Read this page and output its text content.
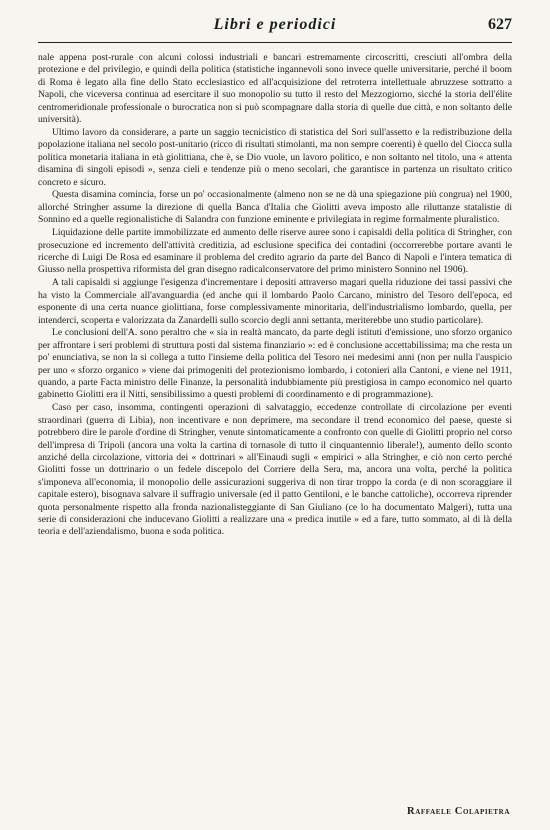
Libri e periodici	627

nale appena post-rurale con alcuni colossi industriali e bancari estremamente circoscritti, cresciuti all'ombra della protezione e del privilegio, e quindi della politica (statistiche ingannevoli sono invece quelle universitarie, perché il boom di Roma è legato alla fine dello Stato ecclesiastico ed all'acquisizione del retroterra intellettuale abruzzese sottratto a Napoli, che viceversa continua ad esercitare il suo monopolio su tutto il resto del Mezzogiorno, sicché la storia dell'élite centromeridionale professionale o burocratica non si può scompagnare dalla storia di quelle due città, e non soltanto delle università).

Ultimo lavoro da considerare, a parte un saggio tecnicistico di statistica del Sori sull'assetto e la redistribuzione della popolazione italiana nel secolo post-unitario (ricco di risultati stimolanti, ma non sempre coerenti) è quello del Ciocca sulla politica monetaria italiana in età giolittiana, che è, se Dio vuole, un lavoro politico, e non soltanto nel titolo, una « attenta disamina di singoli episodi », senza cieli e tendenze più o meno secolari, che garantisce in partenza un risultato critico concreto e sicuro.

Questa disamina comincia, forse un po' occasionalmente (almeno non se ne dà una spiegazione più congrua) nel 1900, allorché Stringher assume la direzione di quella Banca d'Italia che Giolitti aveva imposto alle riluttanze statalistie di Sonnino ed a quelle regionalistiche di Salandra con funzione eminente e privilegiata in regime formalmente pluralistico.

Liquidazione delle partite immobilizzate ed aumento delle riserve auree sono i capisaldi della politica di Stringher, con prosecuzione ed incremento dell'attività creditizia, ad esclusione specifica dei contadini (occorrerebbe portare avanti le ricerche di Luigi De Rosa ed esaminare il problema del credito agrario da parte del Banco di Napoli e l'intera tematica di Giusso nella prospettiva riformista del gran disegno radicalconservatore del primo ministero Sonnino nel 1906).

A tali capisaldi si aggiunge l'esigenza d'incrementare i depositi attraverso magari quella riduzione dei tassi passivi che ha visto la Commerciale all'avanguardia (ed anche qui il lombardo Paolo Carcano, ministro del Tesoro dell'epoca, ed esponente di una certa nuance giolittiana, forse complessivamente minoritaria, dell'industrialismo lombardo, quella, per intenderci, scoperta e valorizzata da Zanardelli sullo scorcio degli anni settanta, meriterebbe uno studio particolare).

Le conclusioni dell'A. sono peraltro che « sia in realtà mancato, da parte degli istituti d'emissione, uno sforzo organico per affrontare i seri problemi di struttura posti dal sistema finanziario »: ed è conclusione accettabilissima; ma che resta un po' enunciativa, se non la si collega a tutto l'insieme della politica del Tesoro nei medesimi anni (non per nulla l'auspicio per uno « sforzo organico » viene dai primogeniti del protezionismo lombardo, i cotonieri alla Cantoni, e viene nel 1911, quando, a parte Facta ministro delle Finanze, la personalità indubbiamente più prestigiosa in campo economico nel quarto gabinetto Giolitti era il Nitti, sensibilissimo a questi problemi di coordinamento e di programmazione).

Caso per caso, insomma, contingenti operazioni di salvataggio, eccedenze controllate di circolazione per eventi straordinari (guerra di Libia), non incentivare e non deprimere, ma secondare il trend economico del paese, queste si potrebbero dire le parole d'ordine di Stringher, venute sintomaticamente a confronto con quelle di Giolitti proprio nel corso dell'impresa di Tripoli (ancora una volta la cartina di tornasole di tutto il cinquantennio liberale!), aumento dello sconto anziché della circolazione, vittoria dei « dottrinari » all'Einaudi sugli « empirici » alla Stringher, e ciò non certo perché Giolitti fosse un dottrinario o un fedele discepolo del Corriere della Sera, ma, ancora una volta, perché la politica s'imponeva all'economia, il monopolio delle assicurazioni suggeriva di non tirar troppo la corda (e di non scoraggiare il capitale estero), bisognava salvare il suffragio universale (ed il patto Gentiloni, e le banche cattoliche), occorreva riprender quota personalmente rispetto alla fronda nazionalisteggiante di San Giuliano (ce lo ha documentato Malgeri), tutta una serie di considerazioni che inducevano Giolitti a realizzare una « predica inutile » ed a fare, tutto sommato, al di là della teoria e dell'aziendalismo, buona e soda politica.

Raffaele Colapietra
